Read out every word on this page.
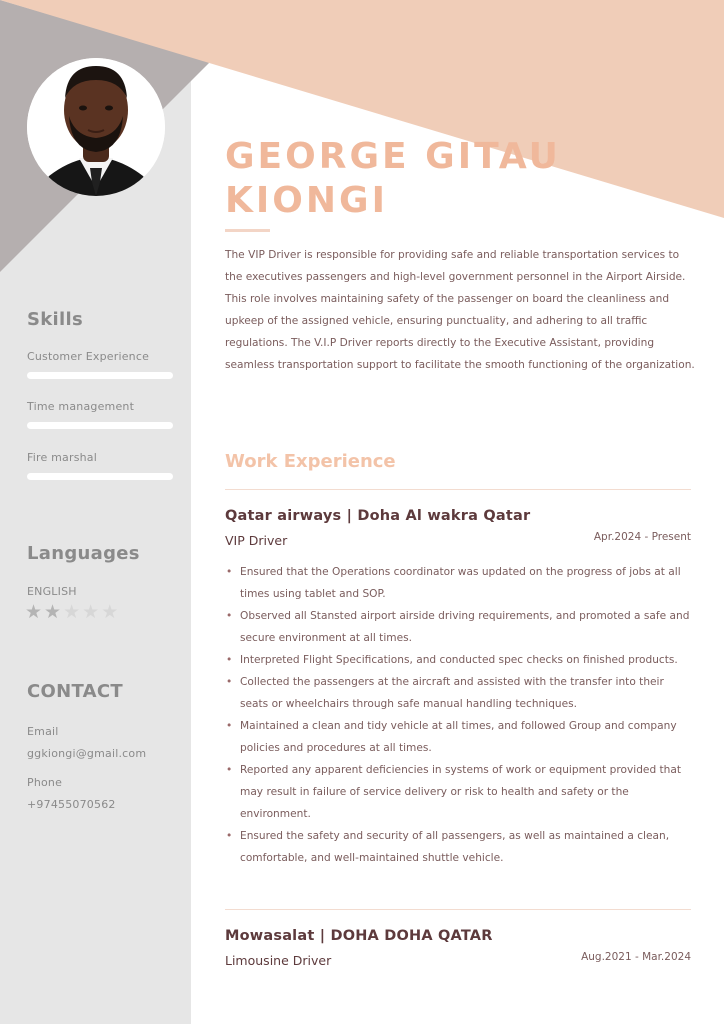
Skills
Customer Experience
Time management
Fire marshal
Languages
ENGLISH
★★★★★
CONTACT
Email
ggkiongi@gmail.com
Phone
+97455070562
GEORGE GITAU KIONGI

The VIP Driver is responsible for providing safe and reliable transportation services to the executives passengers and high-level government personnel in the Airport Airside. This role involves maintaining safety of the passenger on board the cleanliness and upkeep of the assigned vehicle, ensuring punctuality, and adhering to all traffic regulations. The V.I.P Driver reports directly to the Executive Assistant, providing seamless transportation support to facilitate the smooth functioning of the organization.

Work Experience
Qatar airways | Doha Al wakra Qatar
VIP Driver	Apr.2024 - Present
• Ensured that the Operations coordinator was updated on the progress of jobs at all times using tablet and SOP.
• Observed all Stansted airport airside driving requirements, and promoted a safe and secure environment at all times.
• Interpreted Flight Specifications, and conducted spec checks on finished products.
• Collected the passengers at the aircraft and assisted with the transfer into their seats or wheelchairs through safe manual handling techniques.
• Maintained a clean and tidy vehicle at all times, and followed Group and company policies and procedures at all times.
• Reported any apparent deficiencies in systems of work or equipment provided that may result in failure of service delivery or risk to health and safety or the environment.
• Ensured the safety and security of all passengers, as well as maintained a clean, comfortable, and well-maintained shuttle vehicle.
Mowasalat | DOHA DOHA QATAR
Limousine Driver	Aug.2021 - Mar.2024
